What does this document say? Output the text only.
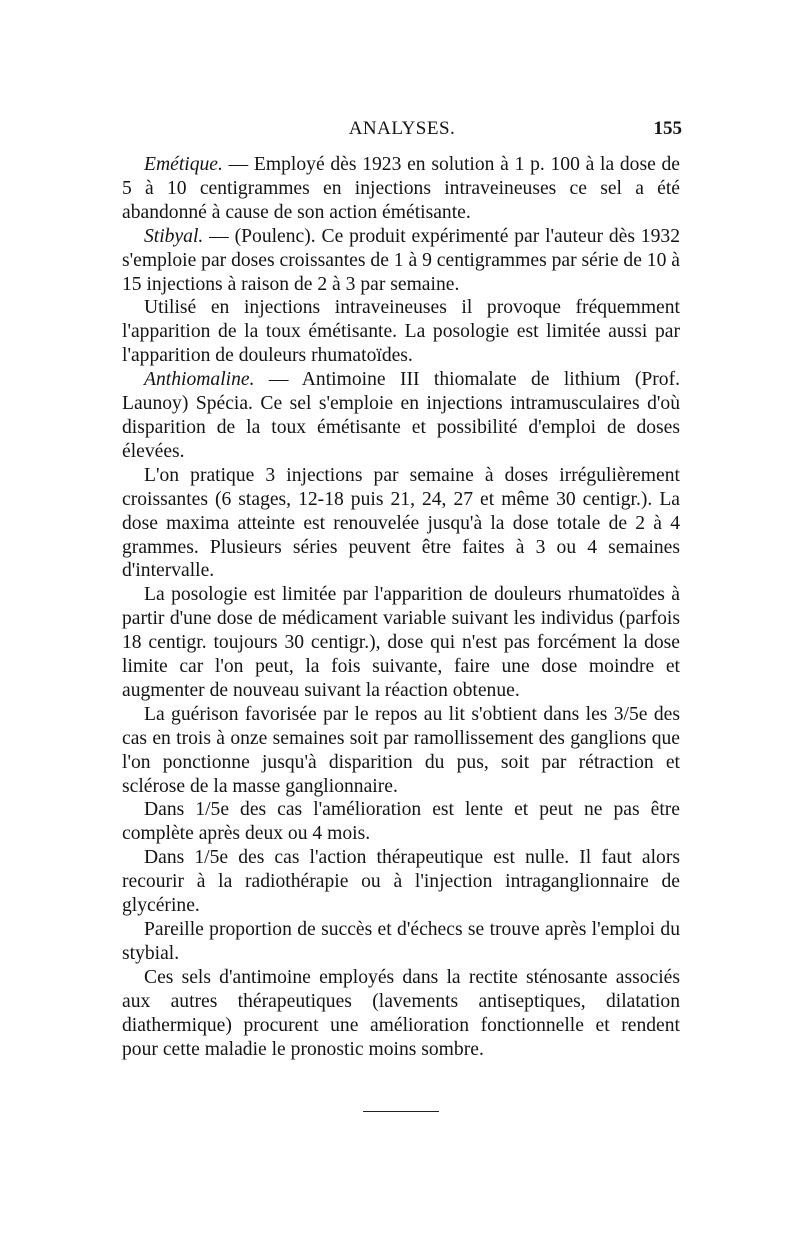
ANALYSES.	155

Emétique. — Employé dès 1923 en solution à 1 p. 100 à la dose de 5 à 10 centigrammes en injections intraveineuses ce sel a été abandonné à cause de son action émétisante.

Stibyal. — (Poulenc). Ce produit expérimenté par l'auteur dès 1932 s'emploie par doses croissantes de 1 à 9 centigrammes par série de 10 à 15 injections à raison de 2 à 3 par semaine.

Utilisé en injections intraveineuses il provoque fréquemment l'apparition de la toux émétisante. La posologie est limitée aussi par l'apparition de douleurs rhumatoïdes.

Anthiomaline. — Antimoine III thiomalate de lithium (Prof. Launoy) Spécia. Ce sel s'emploie en injections intramusculaires d'où disparition de la toux émétisante et possibilité d'emploi de doses élevées.

L'on pratique 3 injections par semaine à doses irrégulièrement croissantes (6 stages, 12-18 puis 21, 24, 27 et même 30 centigr.). La dose maxima atteinte est renouvelée jusqu'à la dose totale de 2 à 4 grammes. Plusieurs séries peuvent être faites à 3 ou 4 semaines d'intervalle.

La posologie est limitée par l'apparition de douleurs rhumatoïdes à partir d'une dose de médicament variable suivant les individus (parfois 18 centigr. toujours 30 centigr.), dose qui n'est pas forcément la dose limite car l'on peut, la fois suivante, faire une dose moindre et augmenter de nouveau suivant la réaction obtenue.

La guérison favorisée par le repos au lit s'obtient dans les 3/5e des cas en trois à onze semaines soit par ramollissement des ganglions que l'on ponctionne jusqu'à disparition du pus, soit par rétraction et sclérose de la masse ganglionnaire.

Dans 1/5e des cas l'amélioration est lente et peut ne pas être complète après deux ou 4 mois.

Dans 1/5e des cas l'action thérapeutique est nulle. Il faut alors recourir à la radiothérapie ou à l'injection intraganglionnaire de glycérine.

Pareille proportion de succès et d'échecs se trouve après l'emploi du stybial.

Ces sels d'antimoine employés dans la rectite sténosante associés aux autres thérapeutiques (lavements antiseptiques, dilatation diathermique) procurent une amélioration fonctionnelle et rendent pour cette maladie le pronostic moins sombre.
